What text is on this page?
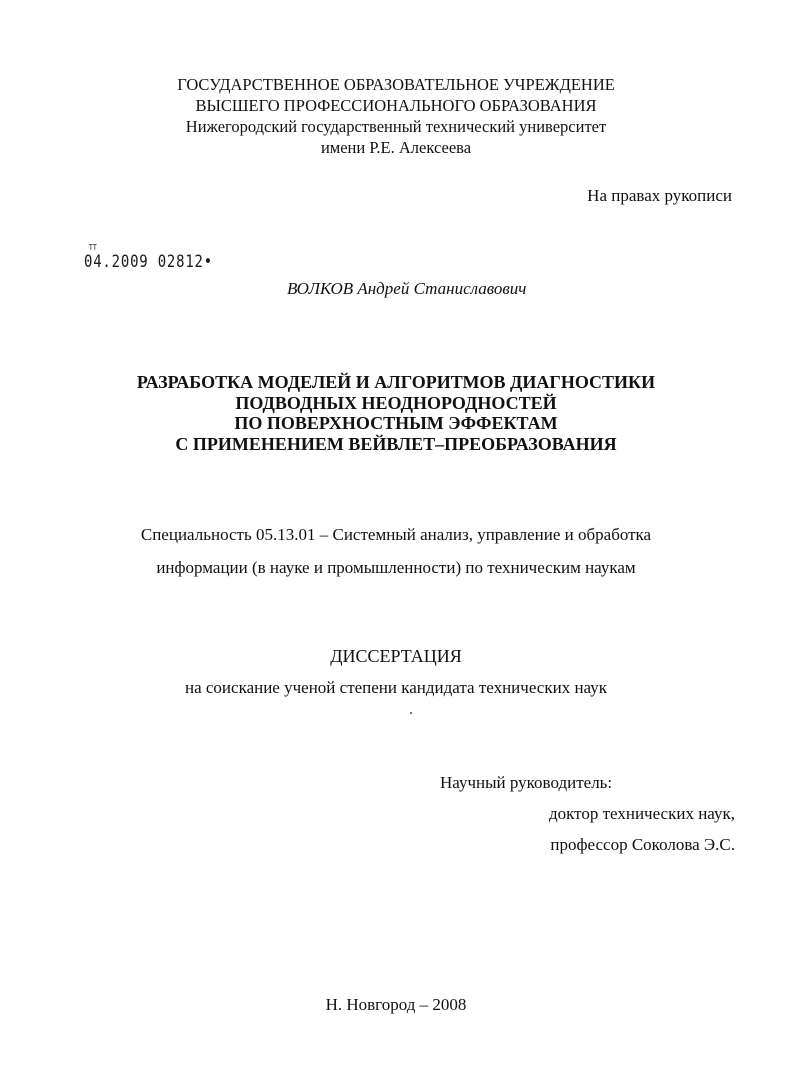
ГОСУДАРСТВЕННОЕ ОБРАЗОВАТЕЛЬНОЕ УЧРЕЖДЕНИЕ
ВЫСШЕГО ПРОФЕССИОНАЛЬНОГО ОБРАЗОВАНИЯ
Нижегородский государственный технический университет
имени Р.Е. Алексеева
На правах рукописи
ТТ
04.2009 02812•
ВОЛКОВ Андрей Станиславович
РАЗРАБОТКА МОДЕЛЕЙ И АЛГОРИТМОВ ДИАГНОСТИКИ
ПОДВОДНЫХ НЕОДНОРОДНОСТЕЙ
ПО ПОВЕРХНОСТНЫМ ЭФФЕКТАМ
С ПРИМЕНЕНИЕМ ВЕЙВЛЕТ–ПРЕОБРАЗОВАНИЯ
Специальность 05.13.01 – Системный анализ, управление и обработка
информации (в науке и промышленности) по техническим наукам
ДИССЕРТАЦИЯ
на соискание ученой степени кандидата технических наук
Научный руководитель:
доктор технических наук,
профессор Соколова Э.С.
Н. Новгород – 2008
